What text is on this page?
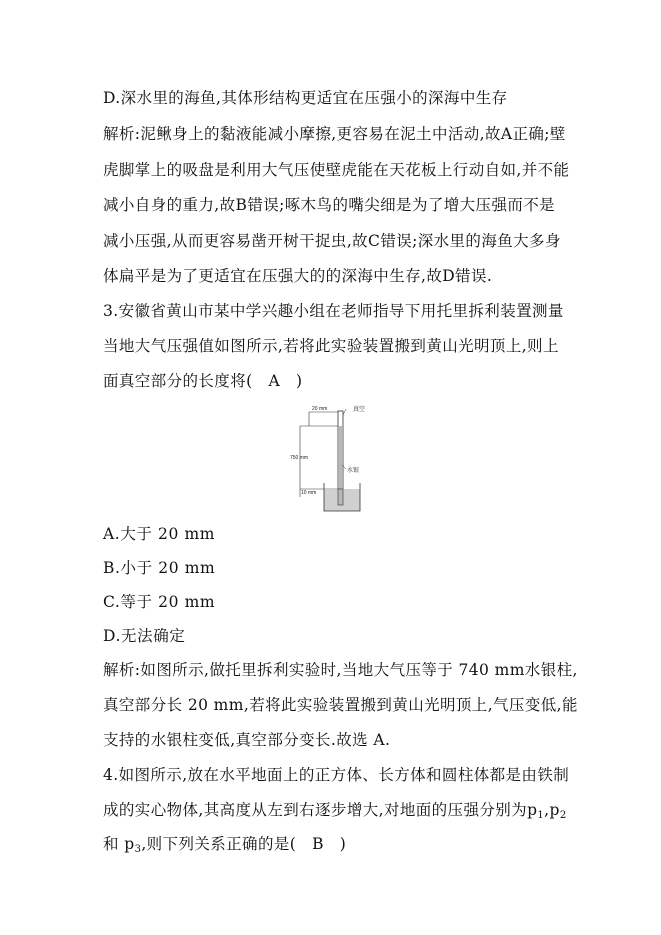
D.深水里的海鱼,其体形结构更适宜在压强小的深海中生存
解析:泥鳅身上的黏液能减小摩擦,更容易在泥土中活动,故A正确;壁
虎脚掌上的吸盘是利用大气压使壁虎能在天花板上行动自如,并不能
减小自身的重力,故B错误;啄木鸟的嘴尖细是为了增大压强而不是
减小压强,从而更容易凿开树干捉虫,故C错误;深水里的海鱼大多身
体扁平是为了更适宜在压强大的的深海中生存,故D错误.
3.安徽省黄山市某中学兴趣小组在老师指导下用托里拆利装置测量
当地大气压强值如图所示,若将此实验装置搬到黄山光明顶上,则上
面真空部分的长度将(　A　)
20 mm	真空
750 mm
水银
10 mm
A.大于 20 mm
B.小于 20 mm
C.等于 20 mm
D.无法确定
解析:如图所示,做托里拆利实验时,当地大气压等于 740 mm水银柱,
真空部分长 20 mm,若将此实验装置搬到黄山光明顶上,气压变低,能
支持的水银柱变低,真空部分变长.故选 A.
4.如图所示,放在水平地面上的正方体、长方体和圆柱体都是由铁制
成的实心物体,其高度从左到右逐步增大,对地面的压强分别为$p_1,p_2$
和 $p_3$,则下列关系正确的是(　B　)
